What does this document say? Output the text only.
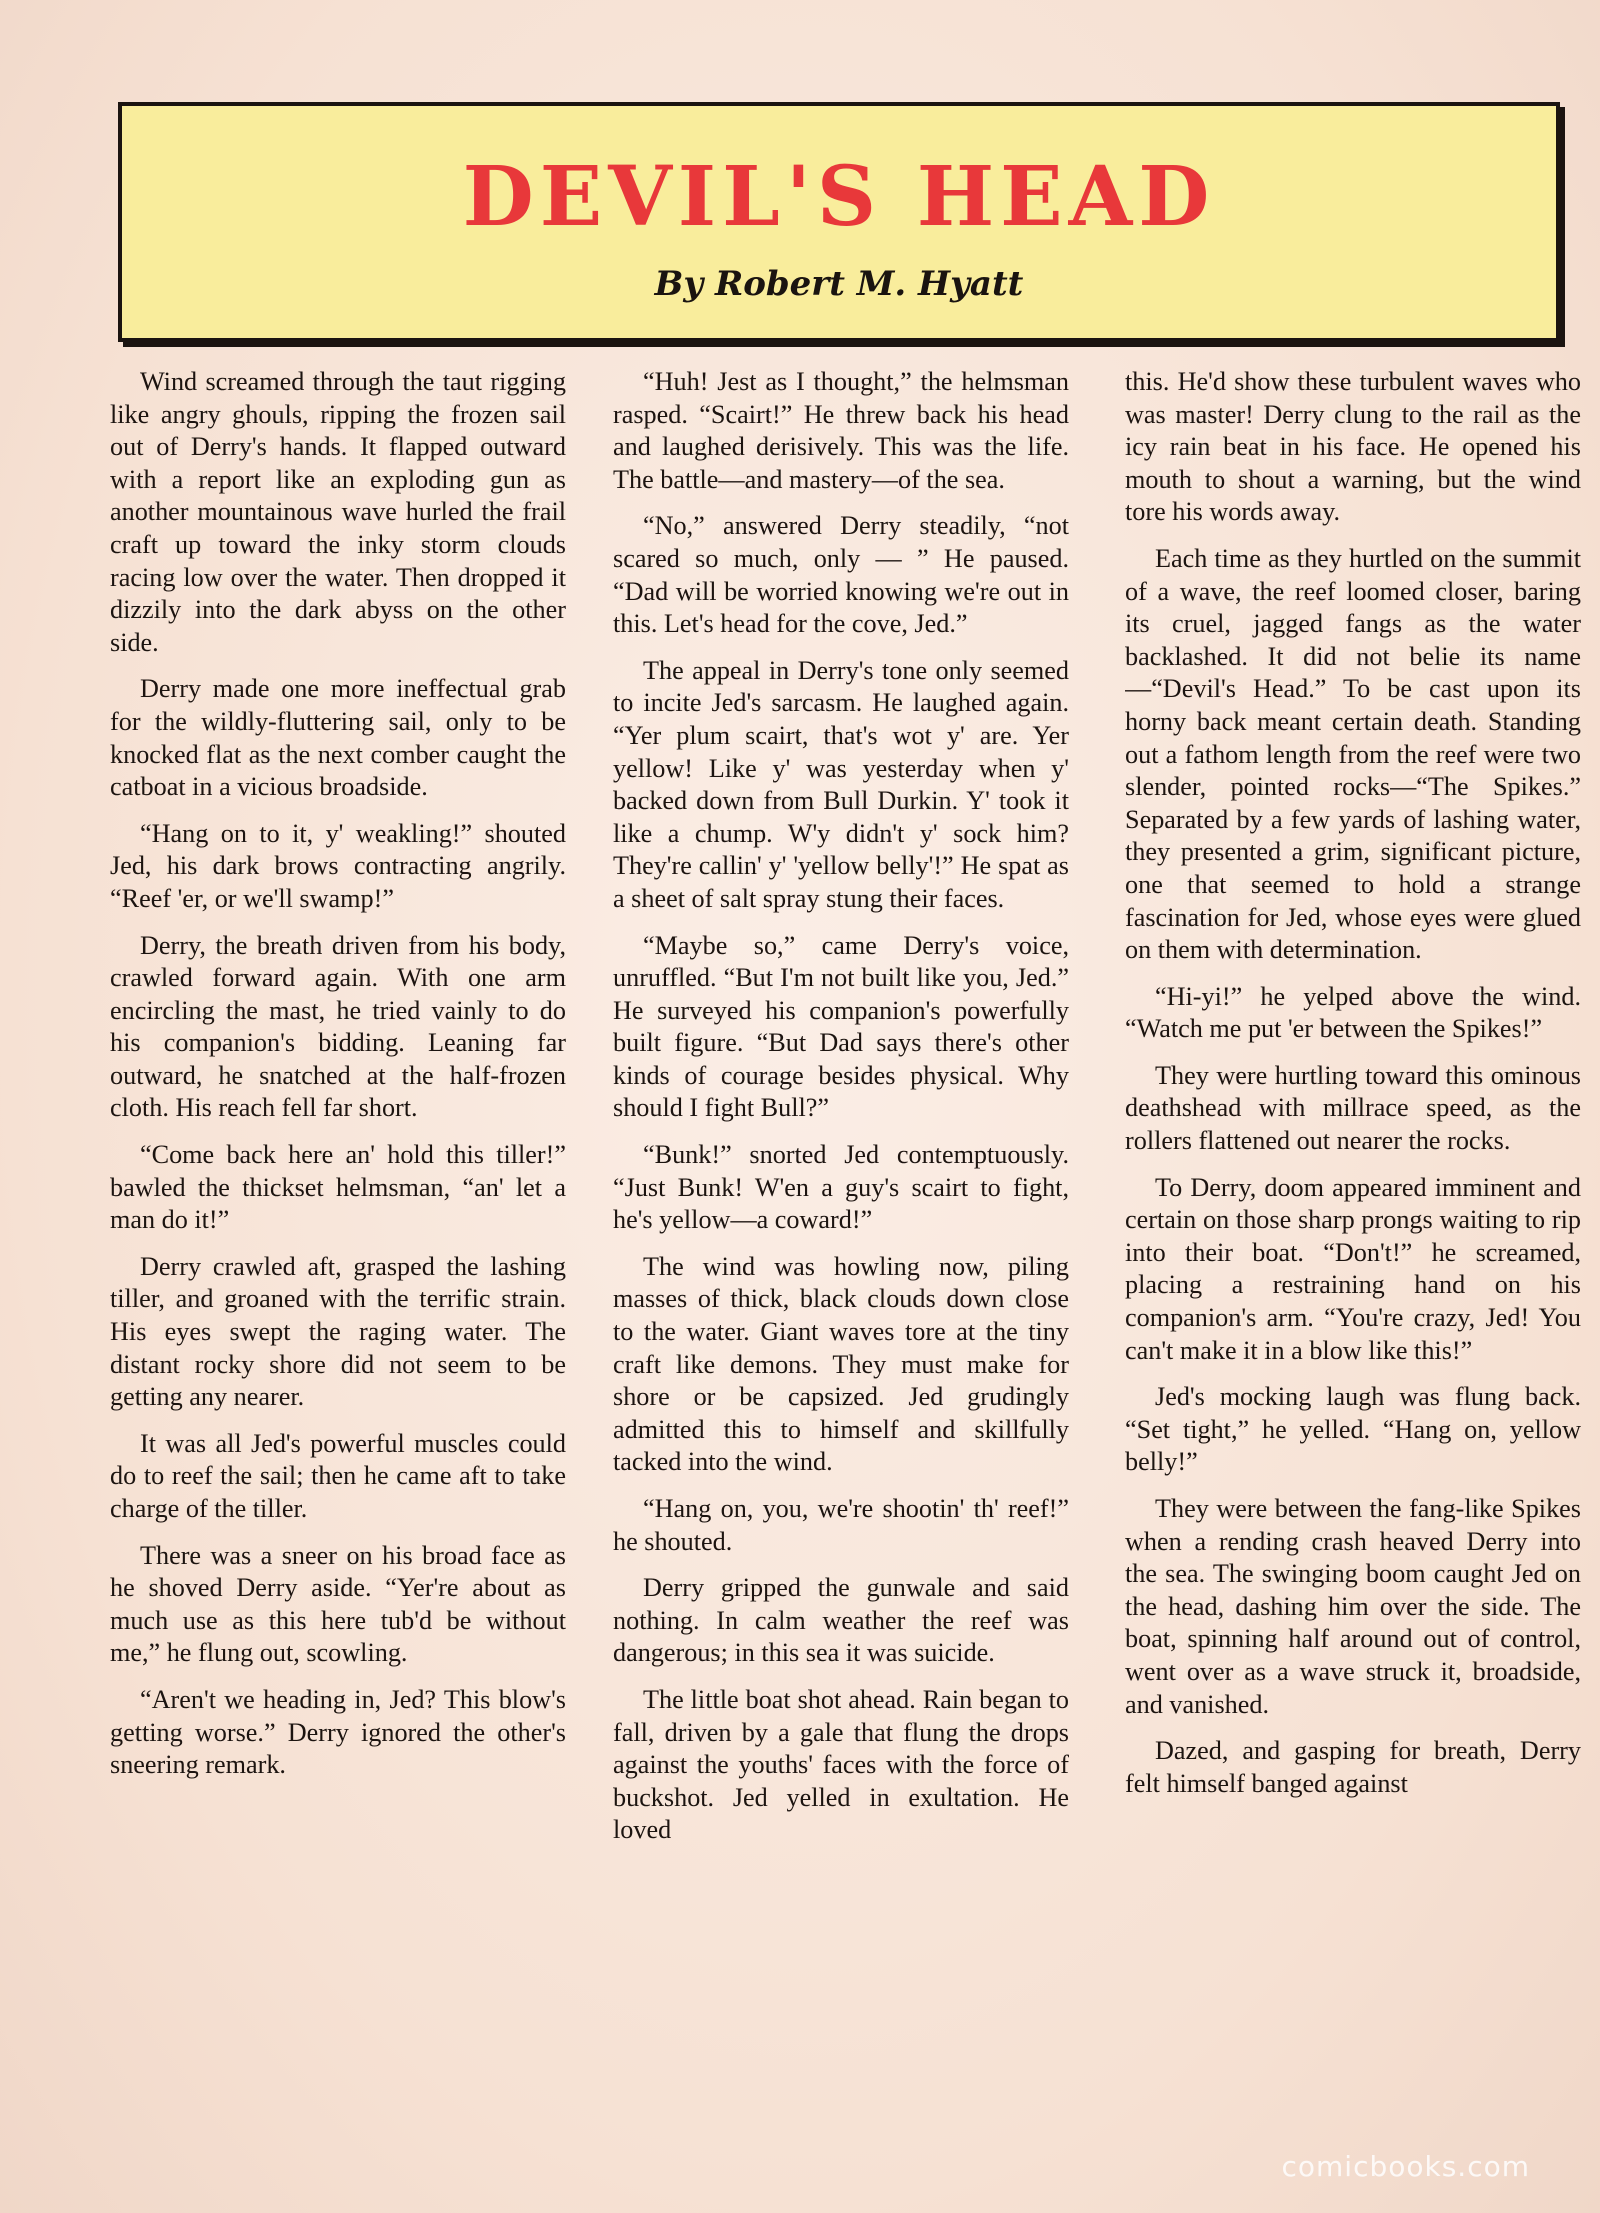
DEVIL'S HEAD

By Robert M. Hyatt

Wind screamed through the taut rigging like angry ghouls, ripping the frozen sail out of Derry's hands. It flapped outward with a report like an exploding gun as another mountainous wave hurled the frail craft up toward the inky storm clouds racing low over the water. Then dropped it dizzily into the dark abyss on the other side.

Derry made one more ineffectual grab for the wildly-fluttering sail, only to be knocked flat as the next comber caught the catboat in a vicious broadside.

“Hang on to it, y' weakling!” shouted Jed, his dark brows contracting angrily. “Reef 'er, or we'll swamp!”

Derry, the breath driven from his body, crawled forward again. With one arm encircling the mast, he tried vainly to do his companion's bidding. Leaning far outward, he snatched at the half-frozen cloth. His reach fell far short.

“Come back here an' hold this tiller!” bawled the thickset helmsman, “an' let a man do it!”

Derry crawled aft, grasped the lashing tiller, and groaned with the terrific strain. His eyes swept the raging water. The distant rocky shore did not seem to be getting any nearer.

It was all Jed's powerful muscles could do to reef the sail; then he came aft to take charge of the tiller.

There was a sneer on his broad face as he shoved Derry aside. “Yer're about as much use as this here tub'd be without me,” he flung out, scowling.

“Aren't we heading in, Jed? This blow's getting worse.” Derry ignored the other's sneering remark.

“Huh! Jest as I thought,” the helmsman rasped. “Scairt!” He threw back his head and laughed derisively. This was the life. The battle—and mastery—of the sea.

“No,” answered Derry steadily, “not scared so much, only — ” He paused. “Dad will be worried knowing we're out in this. Let's head for the cove, Jed.”

The appeal in Derry's tone only seemed to incite Jed's sarcasm. He laughed again. “Yer plum scairt, that's wot y' are. Yer yellow! Like y' was yesterday when y' backed down from Bull Durkin. Y' took it like a chump. W'y didn't y' sock him? They're callin' y' 'yellow belly'!” He spat as a sheet of salt spray stung their faces.

“Maybe so,” came Derry's voice, unruffled. “But I'm not built like you, Jed.” He surveyed his companion's powerfully built figure. “But Dad says there's other kinds of courage besides physical. Why should I fight Bull?”

“Bunk!” snorted Jed contemptuously. “Just Bunk! W'en a guy's scairt to fight, he's yellow—a coward!”

The wind was howling now, piling masses of thick, black clouds down close to the water. Giant waves tore at the tiny craft like demons. They must make for shore or be capsized. Jed grudingly admitted this to himself and skillfully tacked into the wind.

“Hang on, you, we're shootin' th' reef!” he shouted.

Derry gripped the gunwale and said nothing. In calm weather the reef was dangerous; in this sea it was suicide.

The little boat shot ahead. Rain began to fall, driven by a gale that flung the drops against the youths' faces with the force of buckshot. Jed yelled in exultation. He loved

this. He'd show these turbulent waves who was master! Derry clung to the rail as the icy rain beat in his face. He opened his mouth to shout a warning, but the wind tore his words away.

Each time as they hurtled on the summit of a wave, the reef loomed closer, baring its cruel, jagged fangs as the water backlashed. It did not belie its name—“Devil's Head.” To be cast upon its horny back meant certain death. Standing out a fathom length from the reef were two slender, pointed rocks—“The Spikes.” Separated by a few yards of lashing water, they presented a grim, significant picture, one that seemed to hold a strange fascination for Jed, whose eyes were glued on them with determination.

“Hi-yi!” he yelped above the wind. “Watch me put 'er between the Spikes!”

They were hurtling toward this ominous deathshead with millrace speed, as the rollers flattened out nearer the rocks.

To Derry, doom appeared imminent and certain on those sharp prongs waiting to rip into their boat. “Don't!” he screamed, placing a restraining hand on his companion's arm. “You're crazy, Jed! You can't make it in a blow like this!”

Jed's mocking laugh was flung back. “Set tight,” he yelled. “Hang on, yellow belly!”

They were between the fang-like Spikes when a rending crash heaved Derry into the sea. The swinging boom caught Jed on the head, dashing him over the side. The boat, spinning half around out of control, went over as a wave struck it, broadside, and vanished.

Dazed, and gasping for breath, Derry felt himself banged against

comicbooks.com
